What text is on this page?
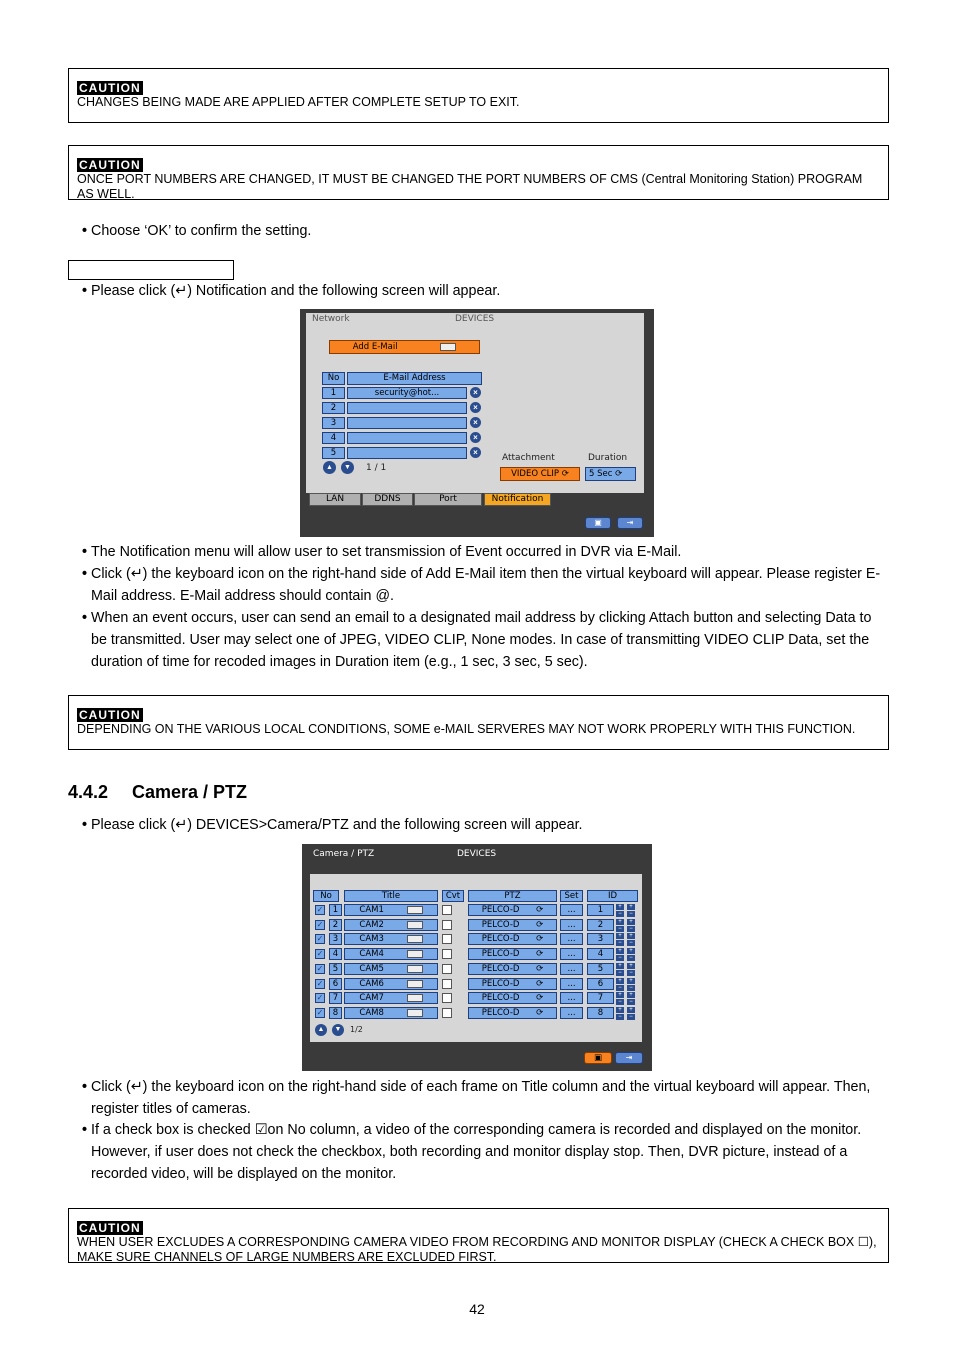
CAUTION
CHANGES BEING MADE ARE APPLIED AFTER COMPLETE SETUP TO EXIT.
CAUTION
ONCE PORT NUMBERS ARE CHANGED, IT MUST BE CHANGED THE PORT NUMBERS OF CMS (Central Monitoring Station) PROGRAM AS WELL.
• Choose ‘OK’ to confirm the setting.
• Please click (↵) Notification and the following screen will appear.
Network	DEVICES
Add E-Mail
No	E-Mail Address
1	security@hot...	×
2	×
3	×
4	×
5	×
▲	▼	1 / 1
Attachment	Duration
VIDEO CLIP ⟳	5 Sec ⟳
LAN	DDNS	Port	Notification
▣	⇥
• The Notification menu will allow user to set transmission of Event occurred in DVR via E-Mail.
• Click (↵) the keyboard icon on the right-hand side of Add E-Mail item then the virtual keyboard will appear. Please register E-Mail address. E-Mail address should contain @.
• When an event occurs, user can send an email to a designated mail address by clicking Attach button and selecting Data to be transmitted. User may select one of JPEG, VIDEO CLIP, None modes. In case of transmitting VIDEO CLIP Data, set the duration of time for recoded images in Duration item (e.g., 1 sec, 3 sec, 5 sec).
CAUTION
DEPENDING ON THE VARIOUS LOCAL CONDITIONS, SOME e-MAIL SERVERES MAY NOT WORK PROPERLY WITH THIS FUNCTION.
4.4.2 Camera / PTZ
• Please click (↵) DEVICES>Camera/PTZ and the following screen will appear.
Camera / PTZ	DEVICES
No	Title	Cvt	PTZ	Set	ID
✓	1	CAM1	PELCO-D ⟳	...	1	+	+
−	−
✓	2	CAM2	PELCO-D ⟳	...	2	+	+
−	−
✓	3	CAM3	PELCO-D ⟳	...	3	+	+
−	−
✓	4	CAM4	PELCO-D ⟳	...	4	+	+
−	−
✓	5	CAM5	PELCO-D ⟳	...	5	+	+
−	−
✓	6	CAM6	PELCO-D ⟳	...	6	+	+
−	−
✓	7	CAM7	PELCO-D ⟳	...	7	+	+
−	−
✓	8	CAM8	PELCO-D ⟳	...	8	+	+
−	−
▲	▼	1/2
▣	⇥
• Click (↵) the keyboard icon on the right-hand side of each frame on Title column and the virtual keyboard will appear. Then, register titles of cameras.
• If a check box is checked ☑on No column, a video of the corresponding camera is recorded and displayed on the monitor. However, if user does not check the checkbox, both recording and monitor display stop. Then, DVR picture, instead of a recorded video, will be displayed on the monitor.
CAUTION
WHEN USER EXCLUDES A CORRESPONDING CAMERA VIDEO FROM RECORDING AND MONITOR DISPLAY (CHECK A CHECK BOX ☐), MAKE SURE CHANNELS OF LARGE NUMBERS ARE EXCLUDED FIRST.
42
